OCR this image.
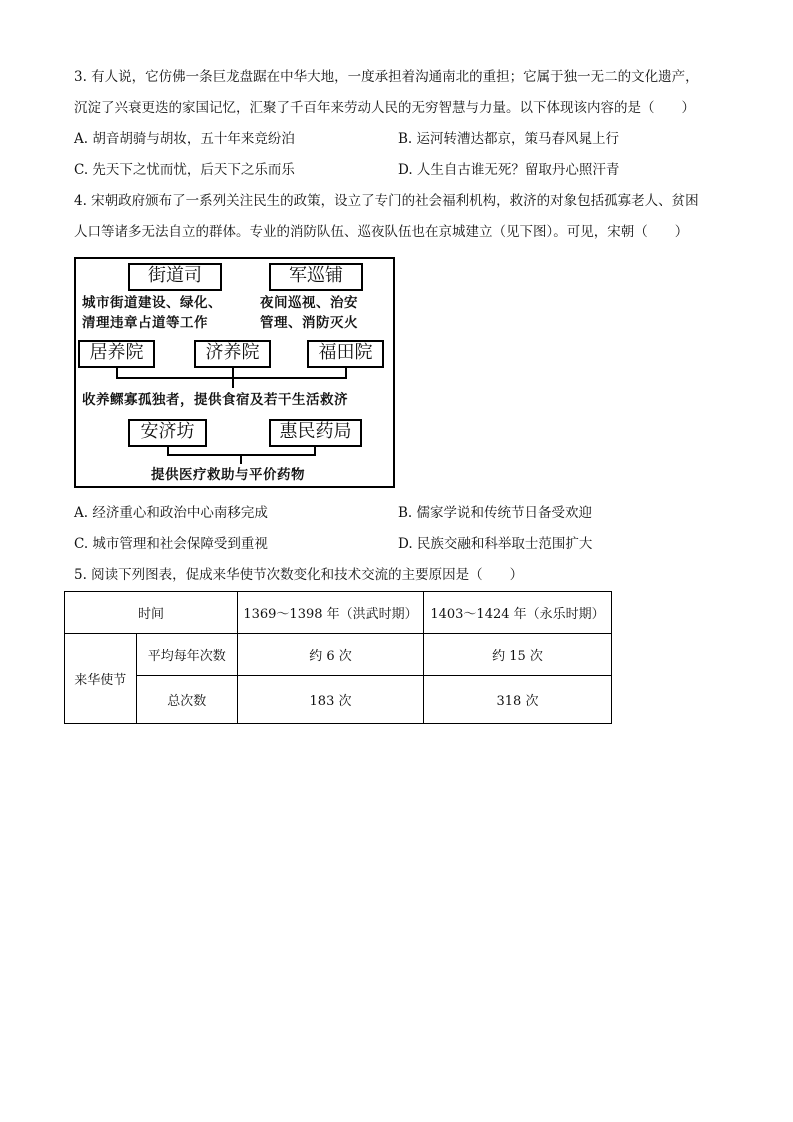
3. 有人说，它仿佛一条巨龙盘踞在中华大地，一度承担着沟通南北的重担；它属于独一无二的文化遗产，
沉淀了兴衰更迭的家国记忆，汇聚了千百年来劳动人民的无穷智慧与力量。以下体现该内容的是（　　）
A. 胡音胡骑与胡妆，五十年来竞纷泊	B. 运河转漕达都京，策马春风晁上行
C. 先天下之忧而忧，后天下之乐而乐	D. 人生自古谁无死？留取丹心照汗青
4. 宋朝政府颁布了一系列关注民生的政策，设立了专门的社会福利机构，救济的对象包括孤寡老人、贫困
人口等诸多无法自立的群体。专业的消防队伍、巡夜队伍也在京城建立（见下图）。可见，宋朝（　　）
街道司	军巡铺
城市街道建设、绿化、
清理违章占道等工作
夜间巡视、治安
管理、消防灭火
居养院	济养院	福田院
收养鳏寡孤独者，提供食宿及若干生活救济
安济坊	惠民药局
提供医疗救助与平价药物
A. 经济重心和政治中心南移完成	B. 儒家学说和传统节日备受欢迎
C. 城市管理和社会保障受到重视	D. 民族交融和科举取士范围扩大
5. 阅读下列图表，促成来华使节次数变化和技术交流的主要原因是（　　）
时间		1369～1398 年（洪武时期）	1403～1424 年（永乐时期）
来华使节	平均每年次数	约 6 次	约 15 次
	总次数	183 次	318 次
